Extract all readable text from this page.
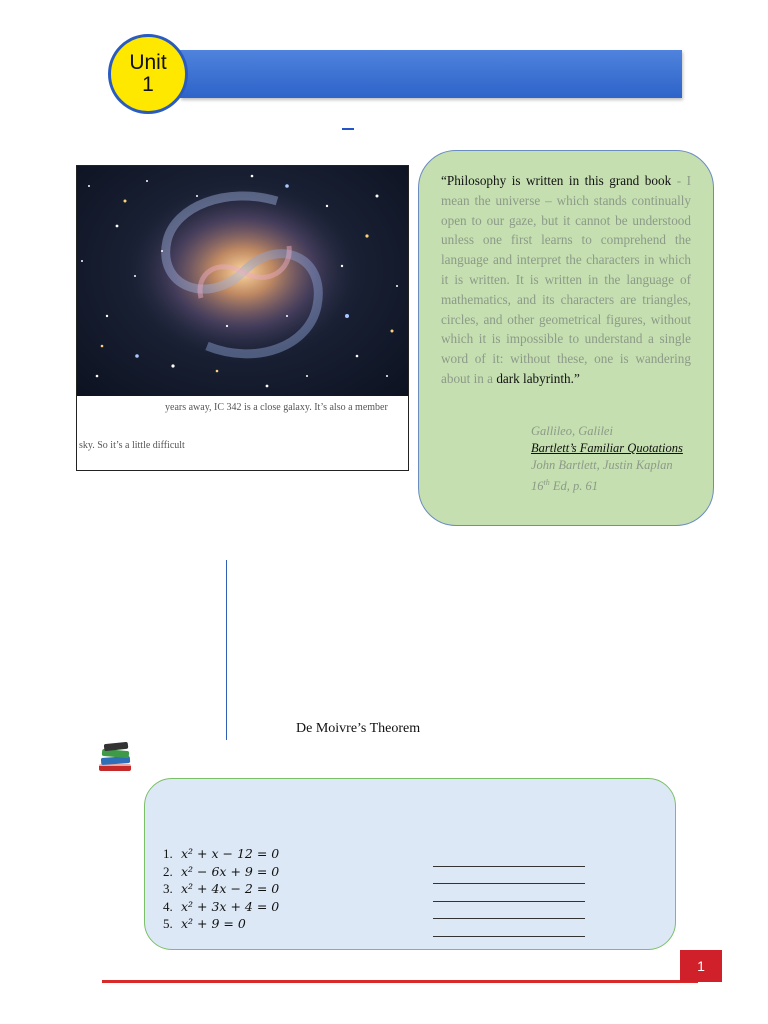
Unit
1
years away, IC 342 is a close galaxy. It’s also a member
sky. So it’s a little difficult
“Philosophy is written in this grand book - I mean the universe – which stands continually open to our gaze, but it cannot be understood unless one first learns to comprehend the language and interpret the characters in which it is written. It is written in the language of mathematics, and its characters are triangles, circles, and other geometrical figures, without which it is impossible to understand a single word of it: without these, one is wandering about in a dark labyrinth.”
Gallileo, Galilei
Bartlett’s Familiar Quotations
John Bartlett, Justin Kaplan
16th Ed, p. 61
De Moivre’s Theorem
1. x² + x − 12 = 0
2. x² − 6x + 9 = 0
3. x² + 4x − 2 = 0
4. x² + 3x + 4 = 0
5. x² + 9 = 0
1
